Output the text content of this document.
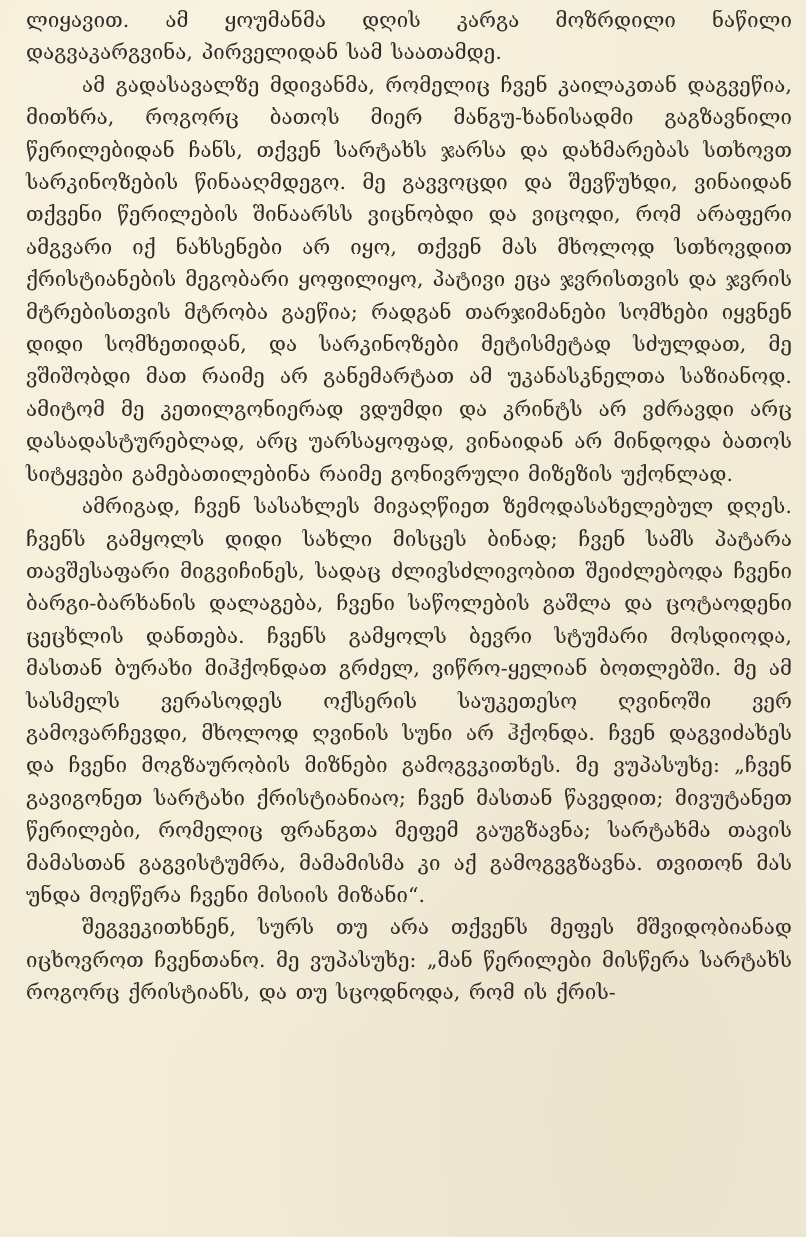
ლიყავით. ამ ყოუმანმა დღის კარგა მოზრდილი ნაწილი დაგვაკარგვინა, პირველიდან სამ საათამდე.

ამ გადასავალზე მდივანმა, რომელიც ჩვენ კაილაკთან დაგვეწია, მითხრა, როგორც ბათოს მიერ მანგუ-ხანისადმი გაგზავნილი წერილებიდან ჩანს, თქვენ სარტახს ჯარსა და დახმარებას სთხოვთ სარკინოზების წინააღმდეგო. მე გავვოცდი და შევწუხდი, ვინაიდან თქვენი წერილების შინაარსს ვიცნობდი და ვიცოდი, რომ არაფერი ამგვარი იქ ნახსენები არ იყო, თქვენ მას მხოლოდ სთხოვდით ქრისტიანების მეგობარი ყოფილიყო, პატივი ეცა ჯვრისთვის და ჯვრის მტრებისთვის მტრობა გაეწია; რადგან თარჯიმანები სომხები იყვნენ დიდი სომხეთიდან, და სარკინოზები მეტისმეტად სძულდათ, მე ვშიშობდი მათ რაიმე არ განემარტათ ამ უკანასკნელთა საზიანოდ. ამიტომ მე კეთილგონიერად ვდუმდი და კრინტს არ ვძრავდი არც დასადასტურებლად, არც უარსაყოფად, ვინაიდან არ მინდოდა ბათოს სიტყვები გამებათილებინა რაიმე გონივრული მიზეზის უქონლად.

ამრიგად, ჩვენ სასახლეს მივაღწიეთ ზემოდასახელებულ დღეს. ჩვენს გამყოლს დიდი სახლი მისცეს ბინად; ჩვენ სამს პატარა თავშესაფარი მიგვიჩინეს, სადაც ძლივსძლივობით შეიძლებოდა ჩვენი ბარგი-ბარხანის დალაგება, ჩვენი საწოლების გაშლა და ცოტაოდენი ცეცხლის დანთება. ჩვენს გამყოლს ბევრი სტუმარი მოსდიოდა, მასთან ბურახი მიჰქონდათ გრძელ, ვიწრო-ყელიან ბოთლებში. მე ამ სასმელს ვერასოდეს ოქსერის საუკეთესო ღვინოში ვერ გამოვარჩევდი, მხოლოდ ღვინის სუნი არ ჰქონდა. ჩვენ დაგვიძახეს და ჩვენი მოგზაურობის მიზნები გამოგვკითხეს. მე ვუპასუხე: „ჩვენ გავიგონეთ სარტახი ქრისტიანიაო; ჩვენ მასთან წავედით; მივუტანეთ წერილები, რომელიც ფრანგთა მეფემ გაუგზავნა; სარტახმა თავის მამასთან გაგვისტუმრა, მამამისმა კი აქ გამოგვგზავნა. თვითონ მას უნდა მოეწერა ჩვენი მისიის მიზანი“.

შეგვეკითხნენ, სურს თუ არა თქვენს მეფეს მშვიდობიანად იცხოვროთ ჩვენთანო. მე ვუპასუხე: „მან წერილები მისწერა სარტახს როგორც ქრისტიანს, და თუ სცოდნოდა, რომ ის ქრის-
